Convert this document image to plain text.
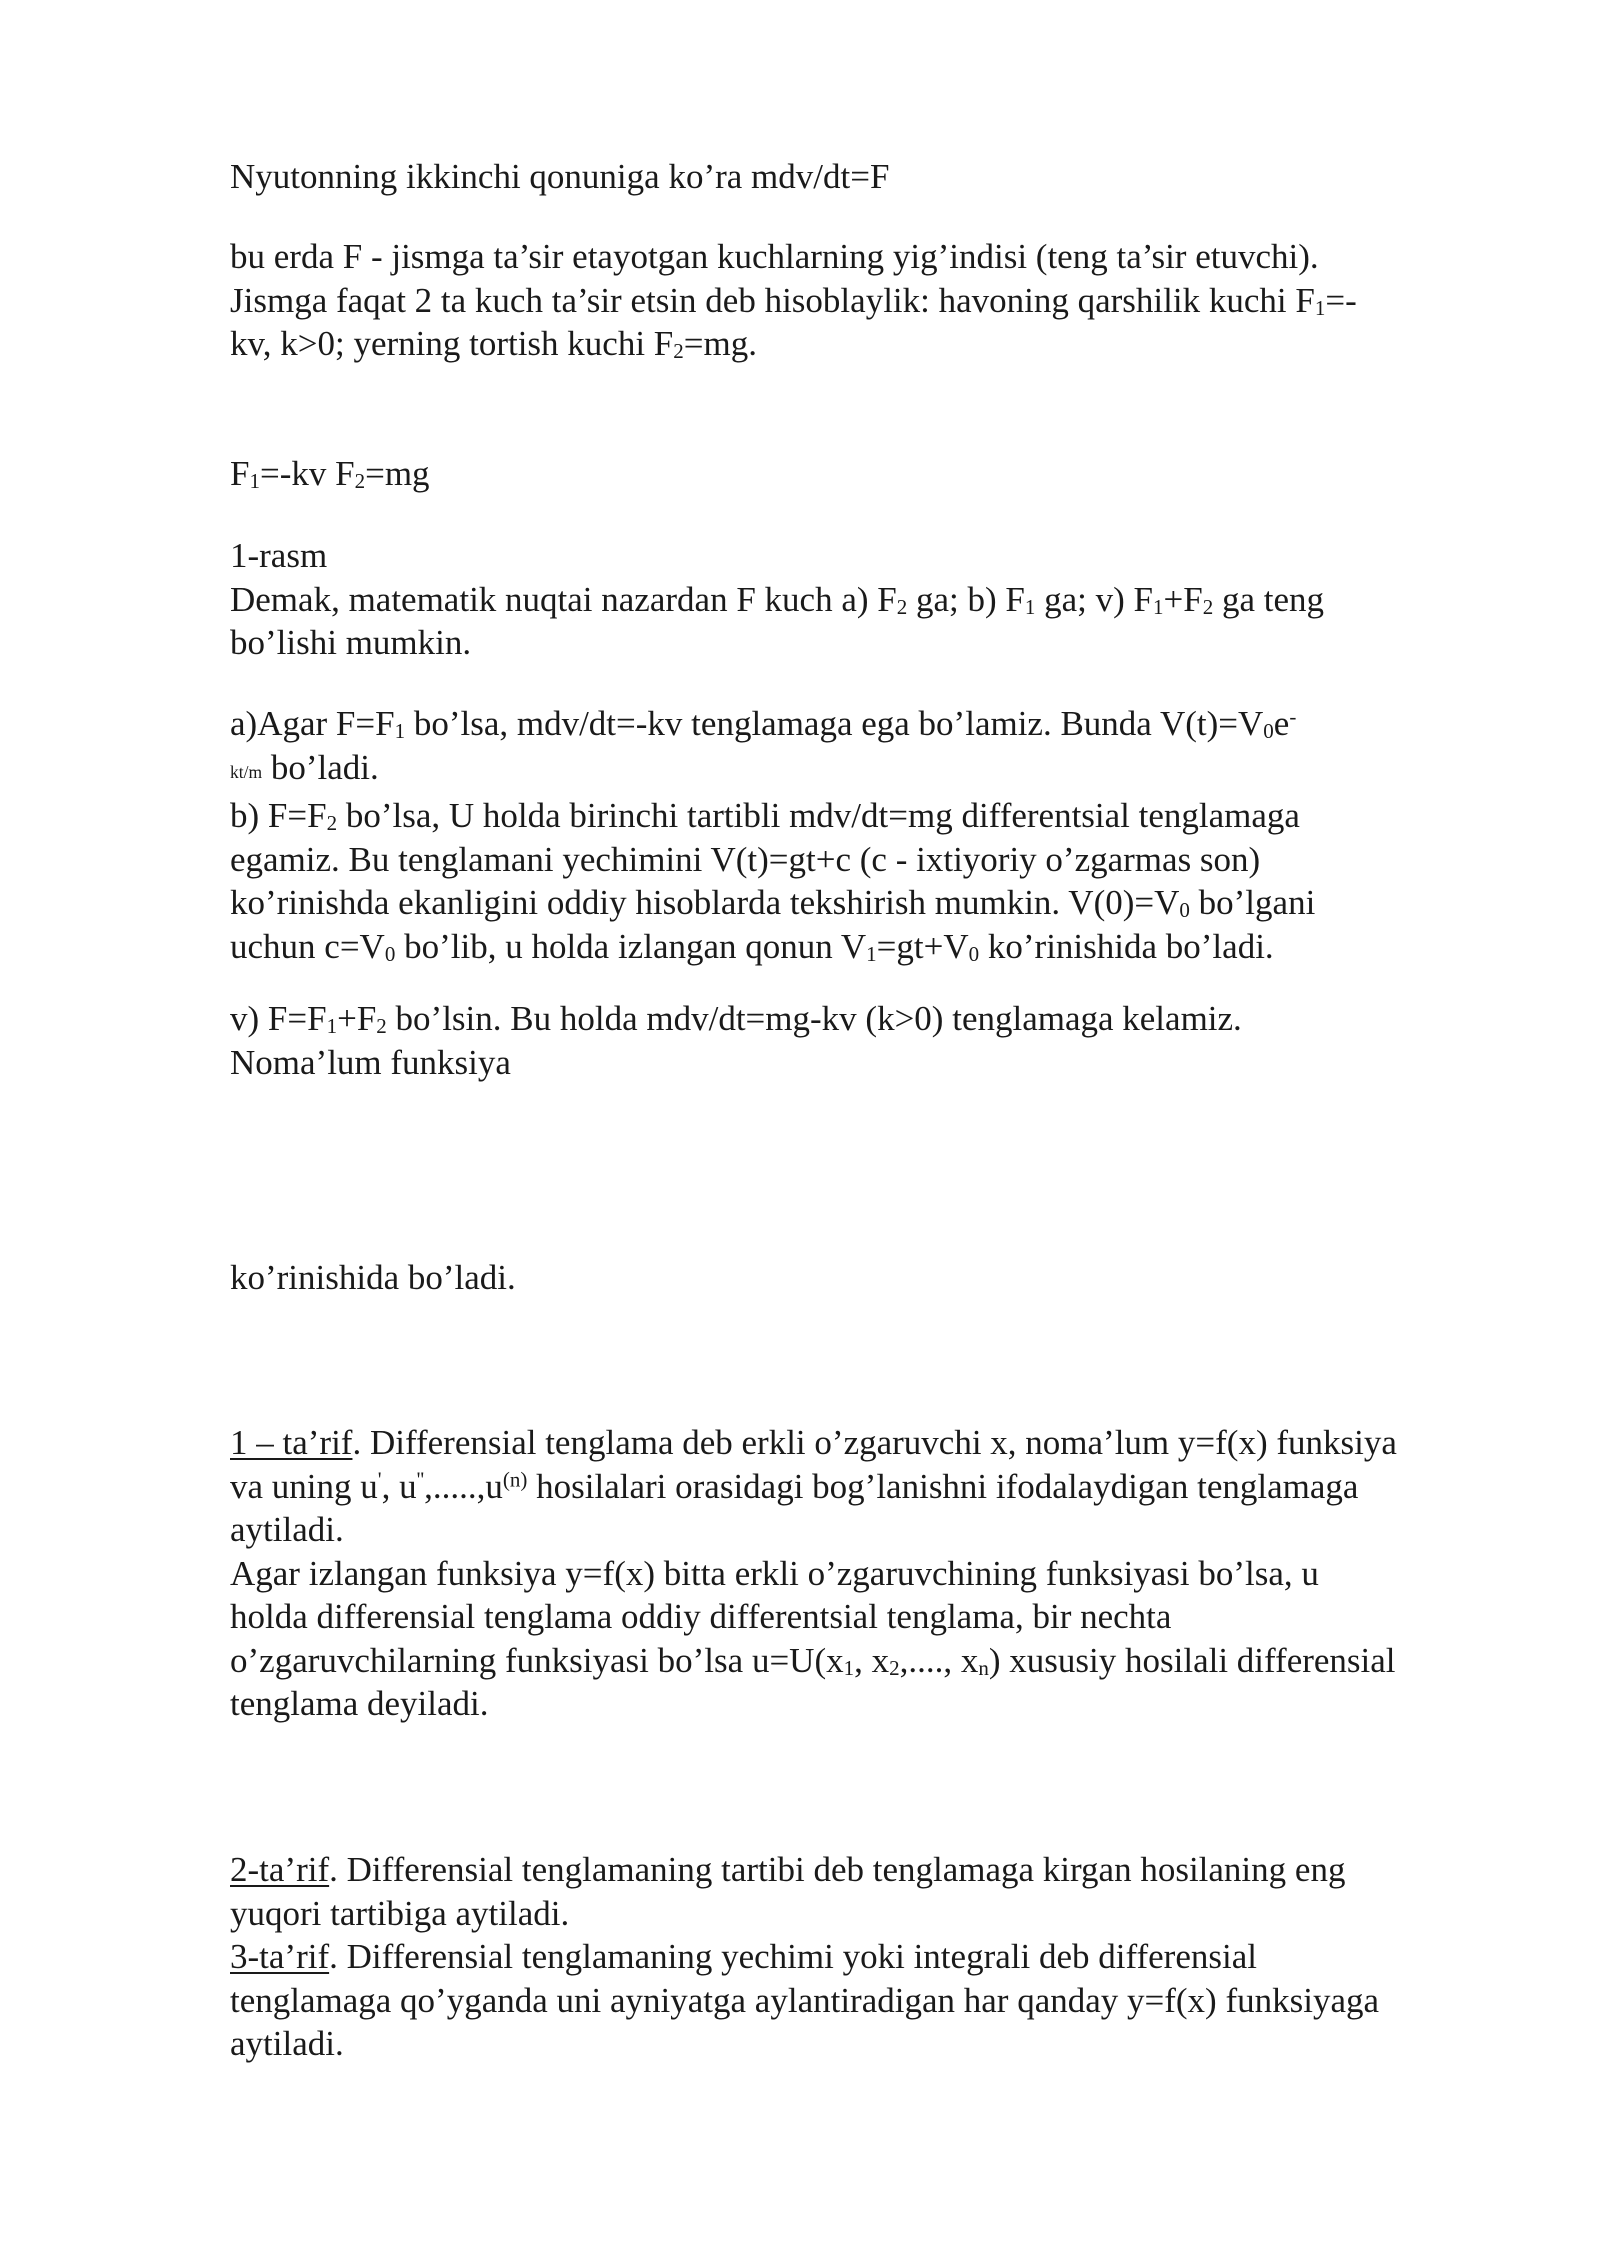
Nyutonning ikkinchi qonuniga ko’ra mdv/dt=F

bu erda F - jismga ta’sir etayotgan kuchlarning yig’indisi (teng ta’sir etuvchi).
Jismga faqat 2 ta kuch ta’sir etsin deb hisoblaylik: havoning qarshilik kuchi $F_1=-$
kv, k>0; yerning tortish kuchi $F_2=mg$.

$F_1=-kv$ $F_2=mg$

1-rasm
Demak, matematik nuqtai nazardan F kuch a) $F_2$ ga; b) $F_1$ ga; v) $F_1+F_2$ ga teng
bo’lishi mumkin.

a)Agar $F=F_1$ bo’lsa, mdv/dt=-kv tenglamaga ega bo’lamiz. Bunda $V(t)=V_0e^-$
kt/m bo’ladi.
b) $F=F_2$ bo’lsa, U holda birinchi tartibli mdv/dt=mg differentsial tenglamaga
egamiz. Bu tenglamani yechimini V(t)=gt+c (c - ixtiyoriy o’zgarmas son)
ko’rinishda ekanligini oddiy hisoblarda tekshirish mumkin. $V(0)=V_0$ bo’lgani
uchun $c=V_0$ bo’lib, u holda izlangan qonun $V_1=gt+V_0$ ko’rinishida bo’ladi.

v) $F=F_1+F_2$ bo’lsin. Bu holda mdv/dt=mg-kv (k>0) tenglamaga kelamiz.
Noma’lum funksiya

ko’rinishida bo’ladi.

1 – ta’rif. Differensial tenglama deb erkli o’zgaruvchi x, noma’lum y=f(x) funksiya
va uning u', $u'',.....,u^{(n)}$ hosilalari orasidagi bog’lanishni ifodalaydigan tenglamaga
aytiladi.
Agar izlangan funksiya y=f(x) bitta erkli o’zgaruvchining funksiyasi bo’lsa, u
holda differensial tenglama oddiy differentsial tenglama, bir nechta
o’zgaruvchilarning funksiyasi bo’lsa $u=U(x_1$, $x_2$,...., $x_n$) xususiy hosilali differensial
tenglama deyiladi.

2-ta’rif. Differensial tenglamaning tartibi deb tenglamaga kirgan hosilaning eng
yuqori tartibiga aytiladi.
3-ta’rif. Differensial tenglamaning yechimi yoki integrali deb differensial
tenglamaga qo’yganda uni ayniyatga aylantiradigan har qanday y=f(x) funksiyaga
aytiladi.
